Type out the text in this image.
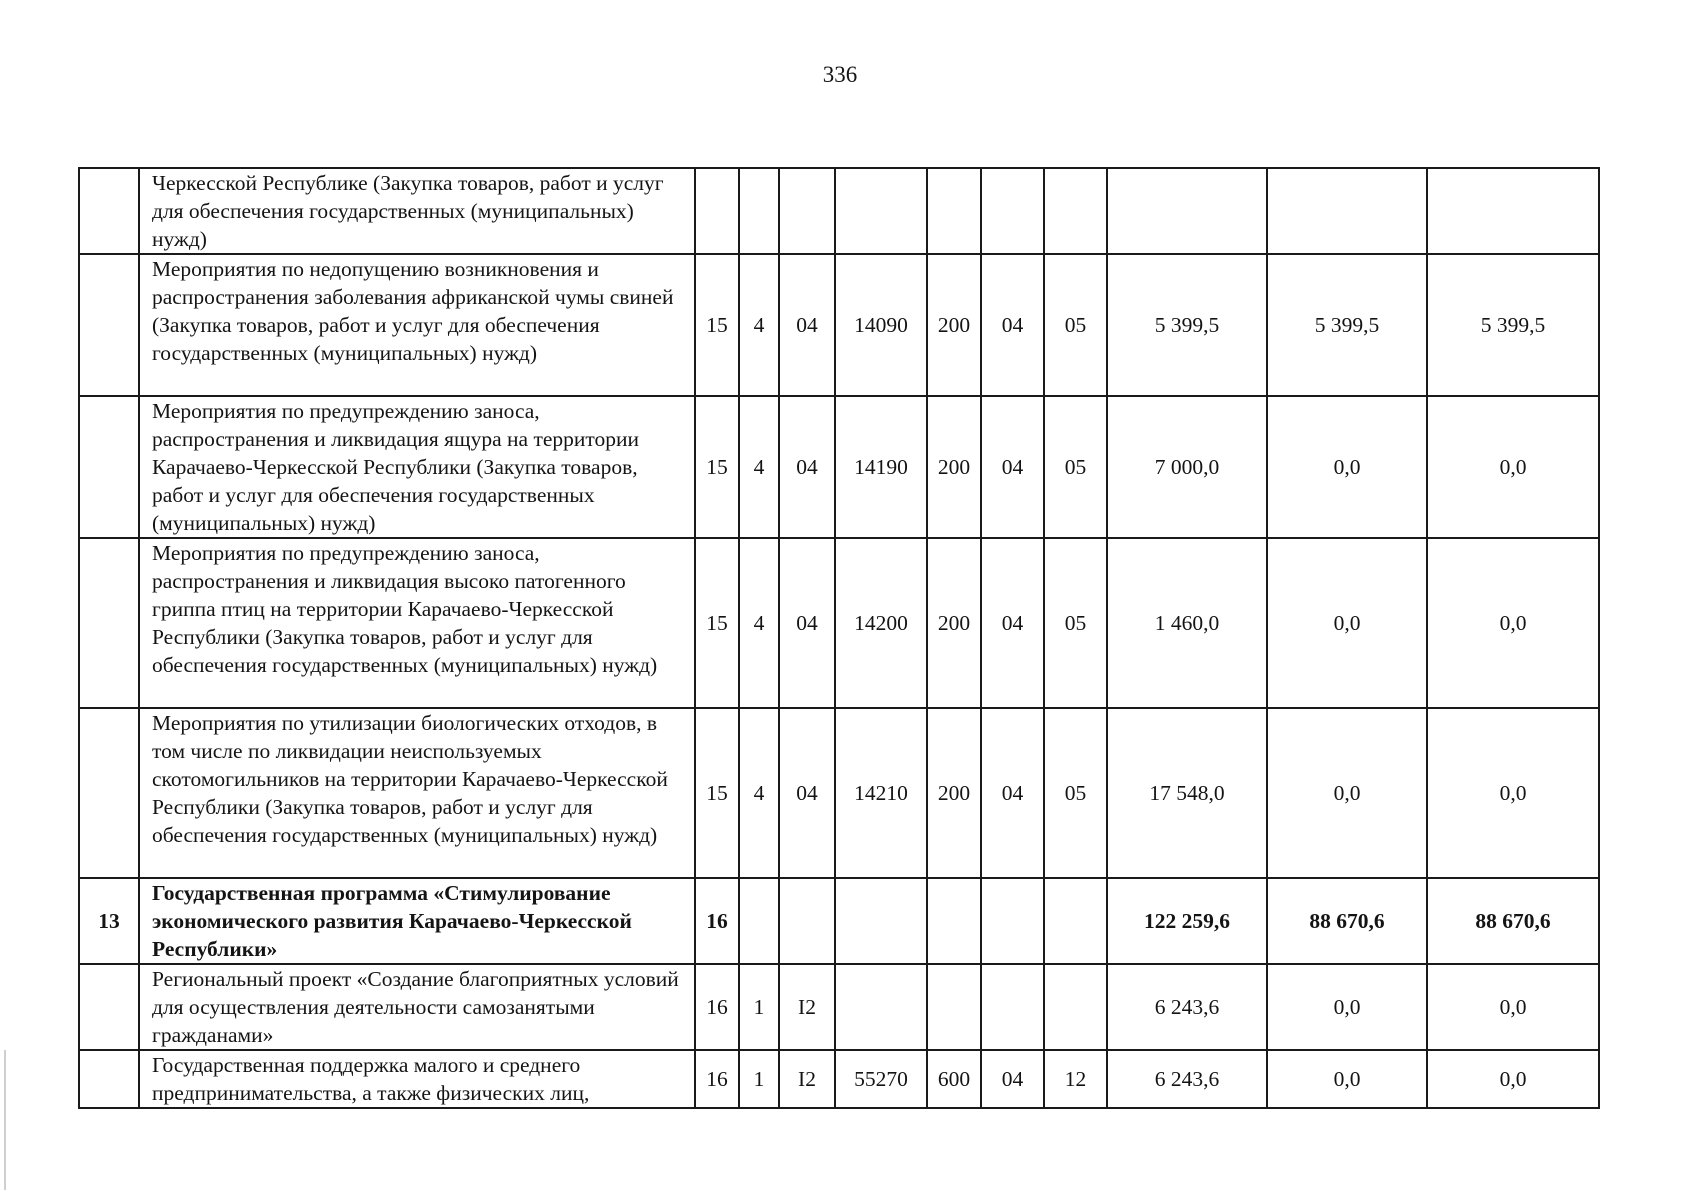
336
	Черкесской Республике (Закупка товаров, работ и услуг для обеспечения государственных (муниципальных) нужд)										
	Мероприятия по недопущению возникновения и распространения заболевания африканской чумы свиней (Закупка товаров, работ и услуг для обеспечения государственных (муниципальных) нужд)	15	4	04	14090	200	04	05	5 399,5	5 399,5	5 399,5
	Мероприятия по предупреждению заноса, распространения и ликвидация ящура на территории Карачаево-Черкесской Республики (Закупка товаров, работ и услуг для обеспечения государственных (муниципальных) нужд)	15	4	04	14190	200	04	05	7 000,0	0,0	0,0
	Мероприятия по предупреждению заноса, распространения и ликвидация высоко патогенного гриппа птиц на территории Карачаево-Черкесской Республики (Закупка товаров, работ и услуг для обеспечения государственных (муниципальных) нужд)	15	4	04	14200	200	04	05	1 460,0	0,0	0,0
	Мероприятия по утилизации биологических отходов, в том числе по ликвидации неиспользуемых скотомогильников на территории Карачаево-Черкесской Республики (Закупка товаров, работ и услуг для обеспечения государственных (муниципальных) нужд)	15	4	04	14210	200	04	05	17 548,0	0,0	0,0
13	Государственная программа «Стимулирование экономического развития Карачаево-Черкесской Республики»	16							122 259,6	88 670,6	88 670,6
	Региональный проект «Создание благоприятных условий для осуществления деятельности самозанятыми гражданами»	16	1	I2					6 243,6	0,0	0,0
	Государственная поддержка малого и среднего предпринимательства, а также физических лиц,	16	1	I2	55270	600	04	12	6 243,6	0,0	0,0
